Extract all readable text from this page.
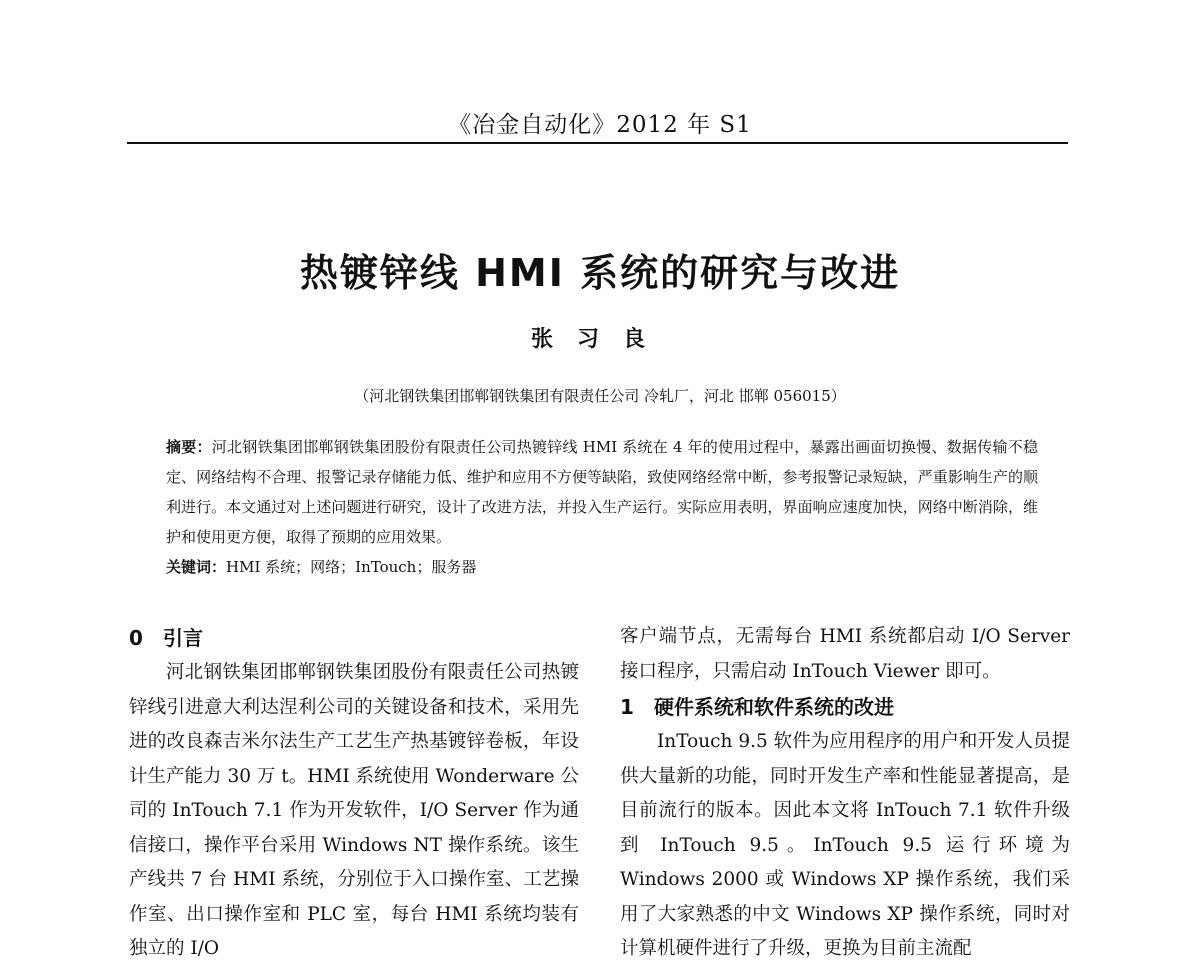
《冶金自动化》2012 年 S1
热镀锌线 HMI 系统的研究与改进
张习良
（河北钢铁集团邯郸钢铁集团有限责任公司 冷轧厂，河北 邯郸 056015）
摘要：河北钢铁集团邯郸钢铁集团股份有限责任公司热镀锌线 HMI 系统在 4 年的使用过程中，暴露出画面切换慢、数据传输不稳定、网络结构不合理、报警记录存储能力低、维护和应用不方便等缺陷，致使网络经常中断，参考报警记录短缺，严重影响生产的顺利进行。本文通过对上述问题进行研究，设计了改进方法，并投入生产运行。实际应用表明，界面响应速度加快，网络中断消除，维护和使用更方便，取得了预期的应用效果。
关键词：HMI 系统；网络；InTouch；服务器
0 引言

河北钢铁集团邯郸钢铁集团股份有限责任公司热镀锌线引进意大利达涅利公司的关键设备和技术，采用先进的改良森吉米尔法生产工艺生产热基镀锌卷板，年设计生产能力 30 万 t。HMI 系统使用 Wonderware 公司的 InTouch 7.1 作为开发软件，I/O Server 作为通信接口，操作平台采用 Windows NT 操作系统。该生产线共 7 台 HMI 系统，分别位于入口操作室、工艺操作室、出口操作室和 PLC 室，每台 HMI 系统均装有独立的 I/O

客户端节点，无需每台 HMI 系统都启动 I/O Server 接口程序，只需启动 InTouch Viewer 即可。

1 硬件系统和软件系统的改进

InTouch 9.5 软件为应用程序的用户和开发人员提供大量新的功能，同时开发生产率和性能显著提高，是目前流行的版本。因此本文将 InTouch 7.1 软件升级到 InTouch 9.5。InTouch 9.5 运行环境为 Windows 2000 或 Windows XP 操作系统，我们采用了大家熟悉的中文 Windows XP 操作系统，同时对计算机硬件进行了升级，更换为目前主流配
